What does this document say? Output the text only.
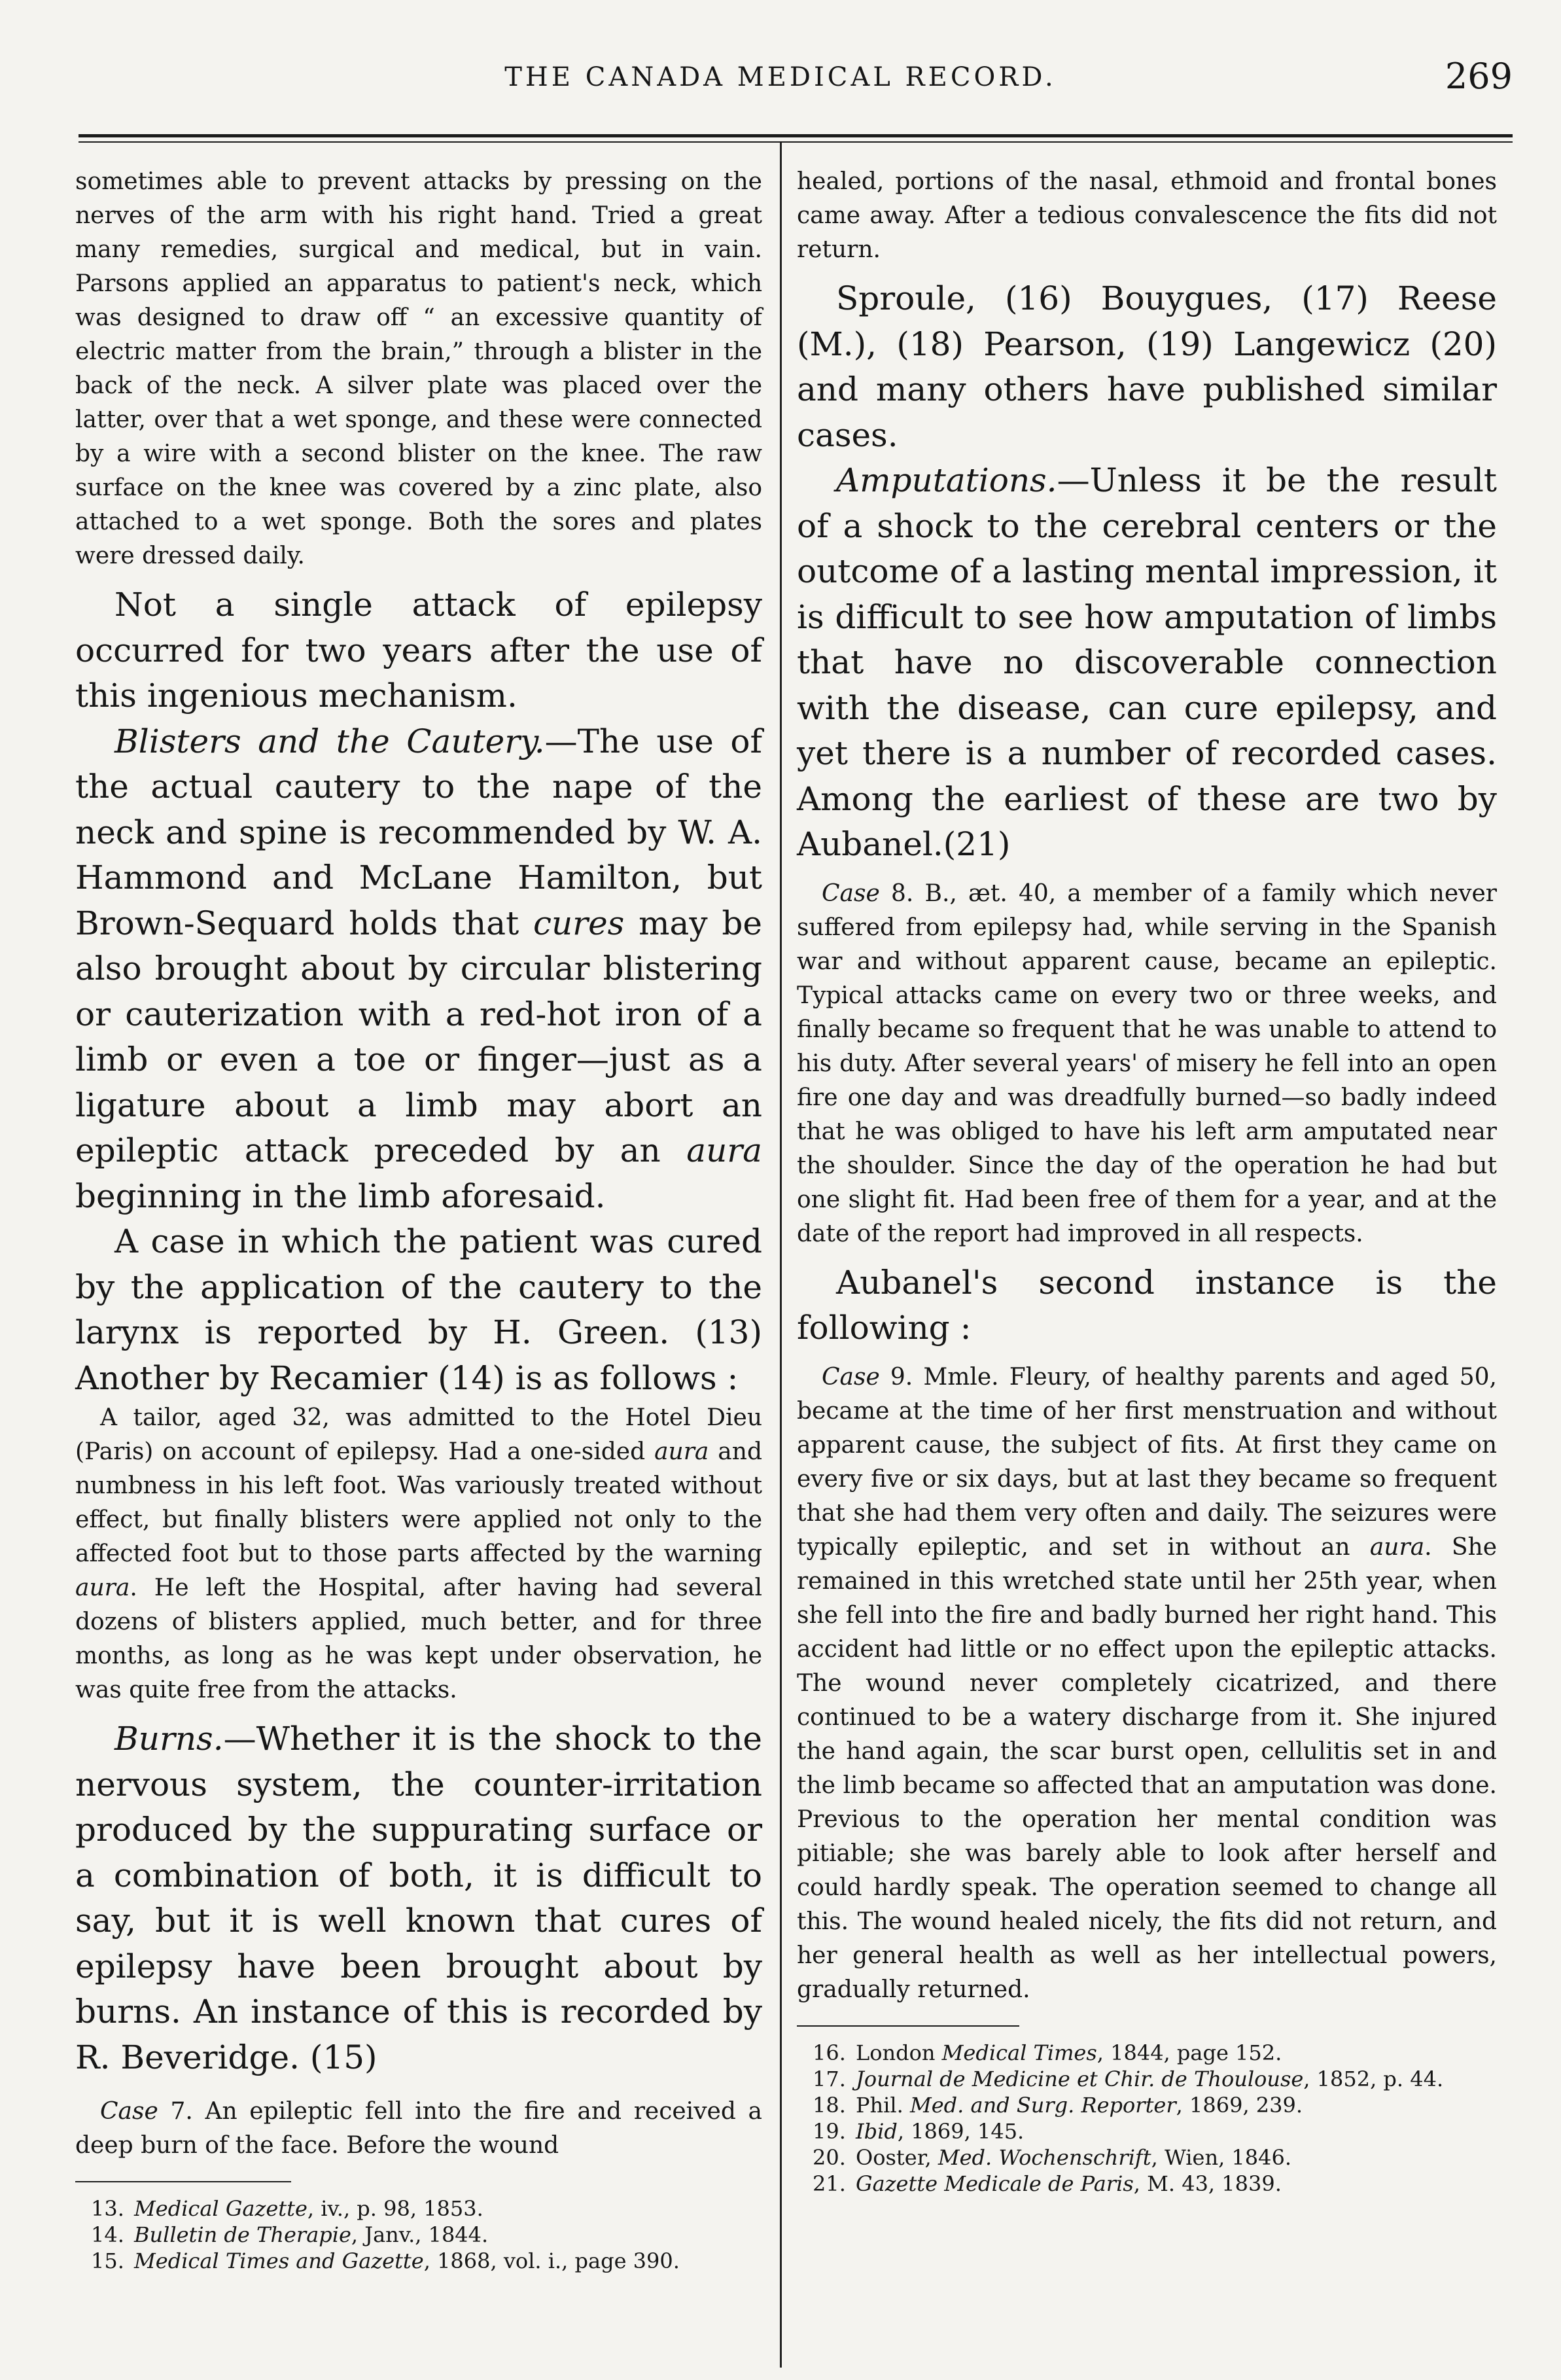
THE CANADA MEDICAL RECORD.	269

sometimes able to prevent attacks by pressing on the nerves of the arm with his right hand. Tried a great many remedies, surgical and medical, but in vain. Parsons applied an apparatus to patient's neck, which was designed to draw off “ an excessive quantity of electric matter from the brain,” through a blister in the back of the neck. A silver plate was placed over the latter, over that a wet sponge, and these were connected by a wire with a second blister on the knee. The raw surface on the knee was covered by a zinc plate, also attached to a wet sponge. Both the sores and plates were dressed daily.

Not a single attack of epilepsy occurred for two years after the use of this ingenious mechanism.

Blisters and the Cautery.—The use of the actual cautery to the nape of the neck and spine is recommended by W. A. Hammond and McLane Hamilton, but Brown-Sequard holds that cures may be also brought about by circular blistering or cauterization with a red-hot iron of a limb or even a toe or finger—just as a ligature about a limb may abort an epileptic attack preceded by an aura beginning in the limb aforesaid.

A case in which the patient was cured by the application of the cautery to the larynx is reported by H. Green. (13) Another by Recamier (14) is as follows :

A tailor, aged 32, was admitted to the Hotel Dieu (Paris) on account of epilepsy. Had a one-sided aura and numbness in his left foot. Was variously treated without effect, but finally blisters were applied not only to the affected foot but to those parts affected by the warning aura. He left the Hospital, after having had several dozens of blisters applied, much better, and for three months, as long as he was kept under observation, he was quite free from the attacks.

Burns.—Whether it is the shock to the nervous system, the counter-irritation produced by the suppurating surface or a combination of both, it is difficult to say, but it is well known that cures of epilepsy have been brought about by burns. An instance of this is recorded by R. Beveridge. (15)

Case 7. An epileptic fell into the fire and received a deep burn of the face. Before the wound

13. Medical Gazette, iv., p. 98, 1853.
14. Bulletin de Therapie, Janv., 1844.
15. Medical Times and Gazette, 1868, vol. i., page 390.

healed, portions of the nasal, ethmoid and frontal bones came away. After a tedious convalescence the fits did not return.

Sproule, (16) Bouygues, (17) Reese (M.), (18) Pearson, (19) Langewicz (20) and many others have published similar cases.

Amputations.—Unless it be the result of a shock to the cerebral centers or the outcome of a lasting mental impression, it is difficult to see how amputation of limbs that have no discoverable connection with the disease, can cure epilepsy, and yet there is a number of recorded cases. Among the earliest of these are two by Aubanel.(21)

Case 8. B., æt. 40, a member of a family which never suffered from epilepsy had, while serving in the Spanish war and without apparent cause, became an epileptic. Typical attacks came on every two or three weeks, and finally became so frequent that he was unable to attend to his duty. After several years' of misery he fell into an open fire one day and was dreadfully burned—so badly indeed that he was obliged to have his left arm amputated near the shoulder. Since the day of the operation he had but one slight fit. Had been free of them for a year, and at the date of the report had improved in all respects.

Aubanel's second instance is the following :

Case 9. Mmle. Fleury, of healthy parents and aged 50, became at the time of her first menstruation and without apparent cause, the subject of fits. At first they came on every five or six days, but at last they became so frequent that she had them very often and daily. The seizures were typically epileptic, and set in without an aura. She remained in this wretched state until her 25th year, when she fell into the fire and badly burned her right hand. This accident had little or no effect upon the epileptic attacks. The wound never completely cicatrized, and there continued to be a watery discharge from it. She injured the hand again, the scar burst open, cellulitis set in and the limb became so affected that an amputation was done. Previous to the operation her mental condition was pitiable; she was barely able to look after herself and could hardly speak. The operation seemed to change all this. The wound healed nicely, the fits did not return, and her general health as well as her intellectual powers, gradually returned.

16. London Medical Times, 1844, page 152.
17. Journal de Medicine et Chir. de Thoulouse, 1852, p. 44.
18. Phil. Med. and Surg. Reporter, 1869, 239.
19. Ibid, 1869, 145.
20. Ooster, Med. Wochenschrift, Wien, 1846.
21. Gazette Medicale de Paris, M. 43, 1839.
